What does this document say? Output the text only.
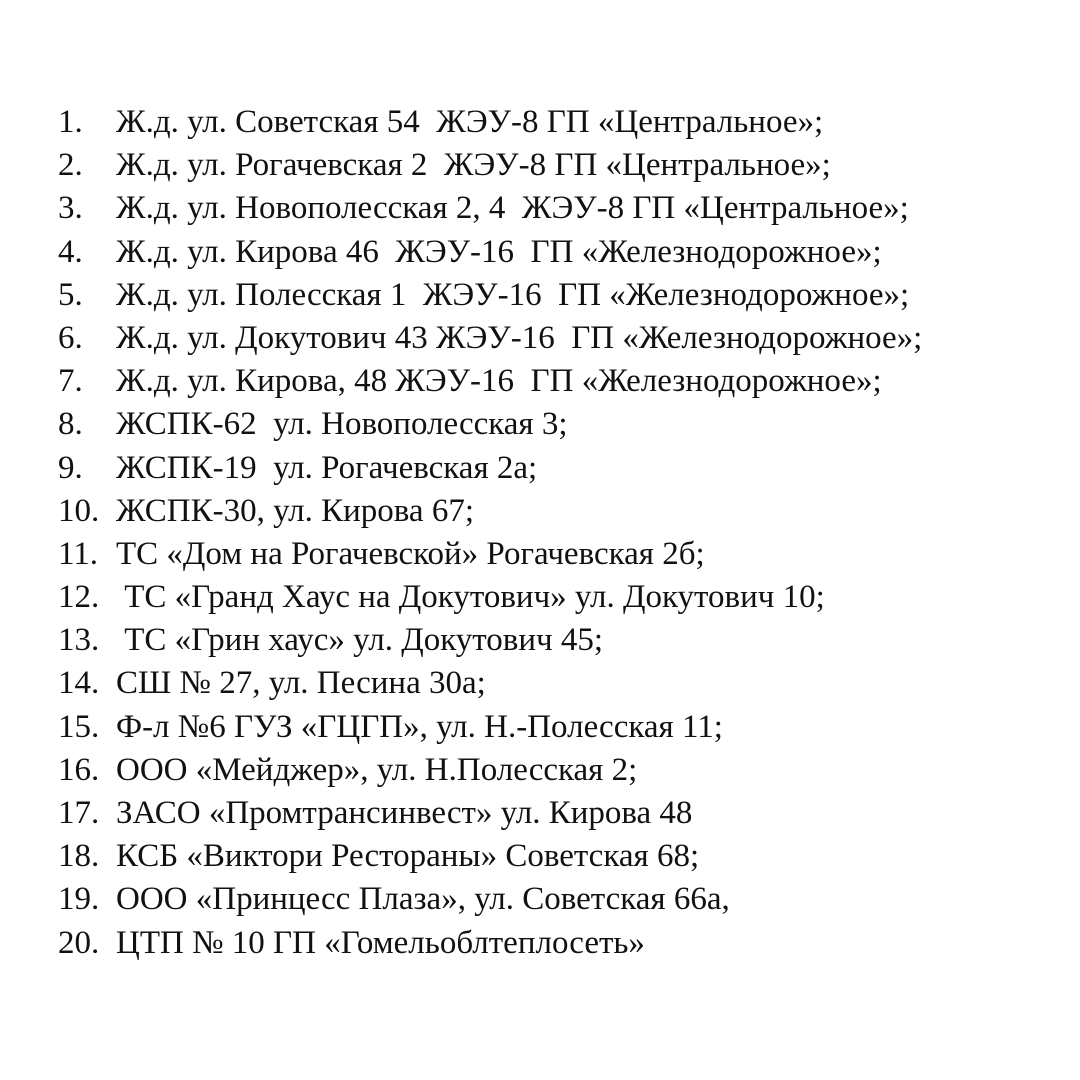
1. Ж.д. ул. Советская 54  ЖЭУ-8 ГП «Центральное»;
2. Ж.д. ул. Рогачевская 2  ЖЭУ-8 ГП «Центральное»;
3. Ж.д. ул. Новополесская 2, 4  ЖЭУ-8 ГП «Центральное»;
4. Ж.д. ул. Кирова 46  ЖЭУ-16  ГП «Железнодорожное»;
5. Ж.д. ул. Полесская 1  ЖЭУ-16  ГП «Железнодорожное»;
6. Ж.д. ул. Докутович 43 ЖЭУ-16  ГП «Железнодорожное»;
7. Ж.д. ул. Кирова, 48 ЖЭУ-16  ГП «Железнодорожное»;
8. ЖСПК-62  ул. Новополесская 3;
9. ЖСПК-19  ул. Рогачевская 2а;
10. ЖСПК-30, ул. Кирова 67;
11. ТС «Дом на Рогачевской» Рогачевская 2б;
12. ТС «Гранд Хаус на Докутович» ул. Докутович 10;
13. ТС «Грин хаус» ул. Докутович 45;
14. СШ № 27, ул. Песина 30а;
15. Ф-л №6 ГУЗ «ГЦГП», ул. Н.-Полесская 11;
16. ООО «Мейджер», ул. Н.Полесская 2;
17. ЗАСО «Промтрансинвест» ул. Кирова 48
18. КСБ «Виктори Рестораны» Советская 68;
19. ООО «Принцесс Плаза», ул. Советская 66а,
20. ЦТП № 10 ГП «Гомельоблтеплосеть»
